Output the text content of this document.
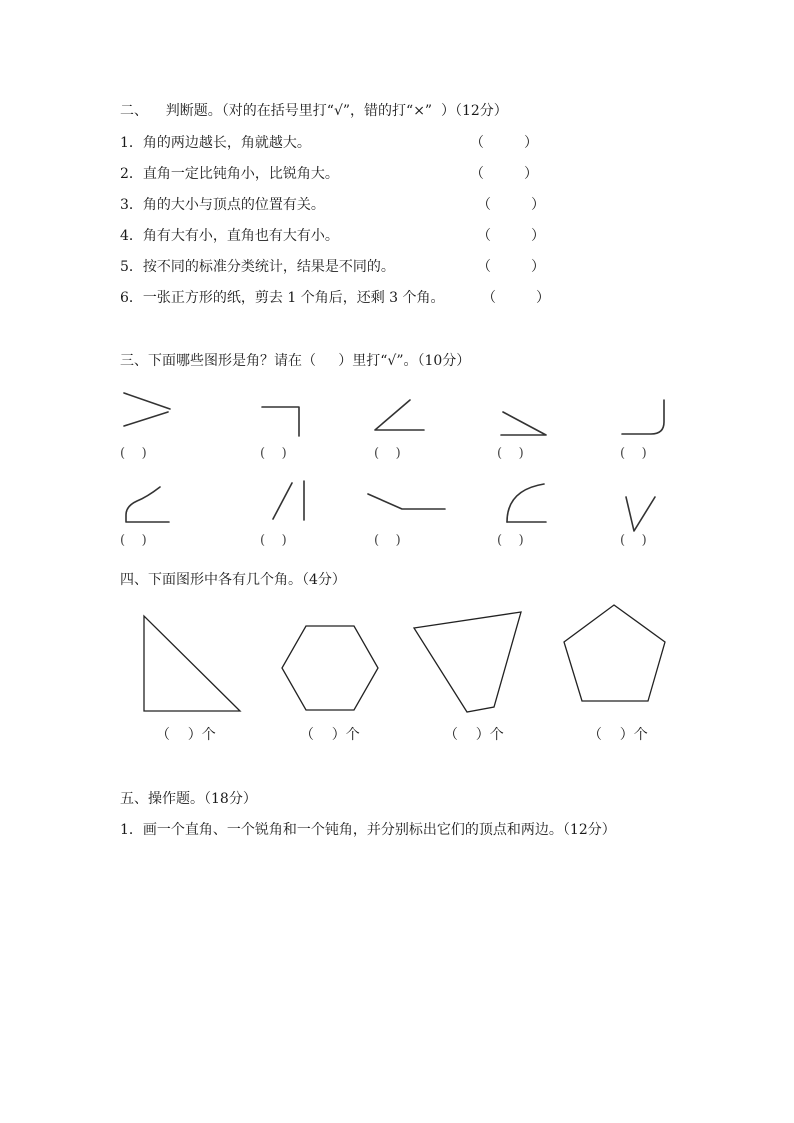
二、    判断题。（对的在括号里打“√”，错的打“×”  ）（12分）
1．角的两边越长，角就越大。	（         ）
2．直角一定比钝角小，比锐角大。	（         ）
3．角的大小与顶点的位置有关。	（         ）
4．角有大有小，直角也有大有小。	（         ）
5．按不同的标准分类统计，结果是不同的。	（         ）
6．一张正方形的纸，剪去 1 个角后，还剩 3 个角。	（         ）
三、下面哪些图形是角？请在（     ）里打“√”。（10分）
(    )	(    )	(    )	(    )	(    )
(    )	(    )	(    )	(    )	(    )
四、下面图形中各有几个角。（4分）
（    ）个	（    ）个	（    ）个	（    ）个
五、操作题。（18分）
1．画一个直角、一个锐角和一个钝角，并分别标出它们的顶点和两边。（12分）
